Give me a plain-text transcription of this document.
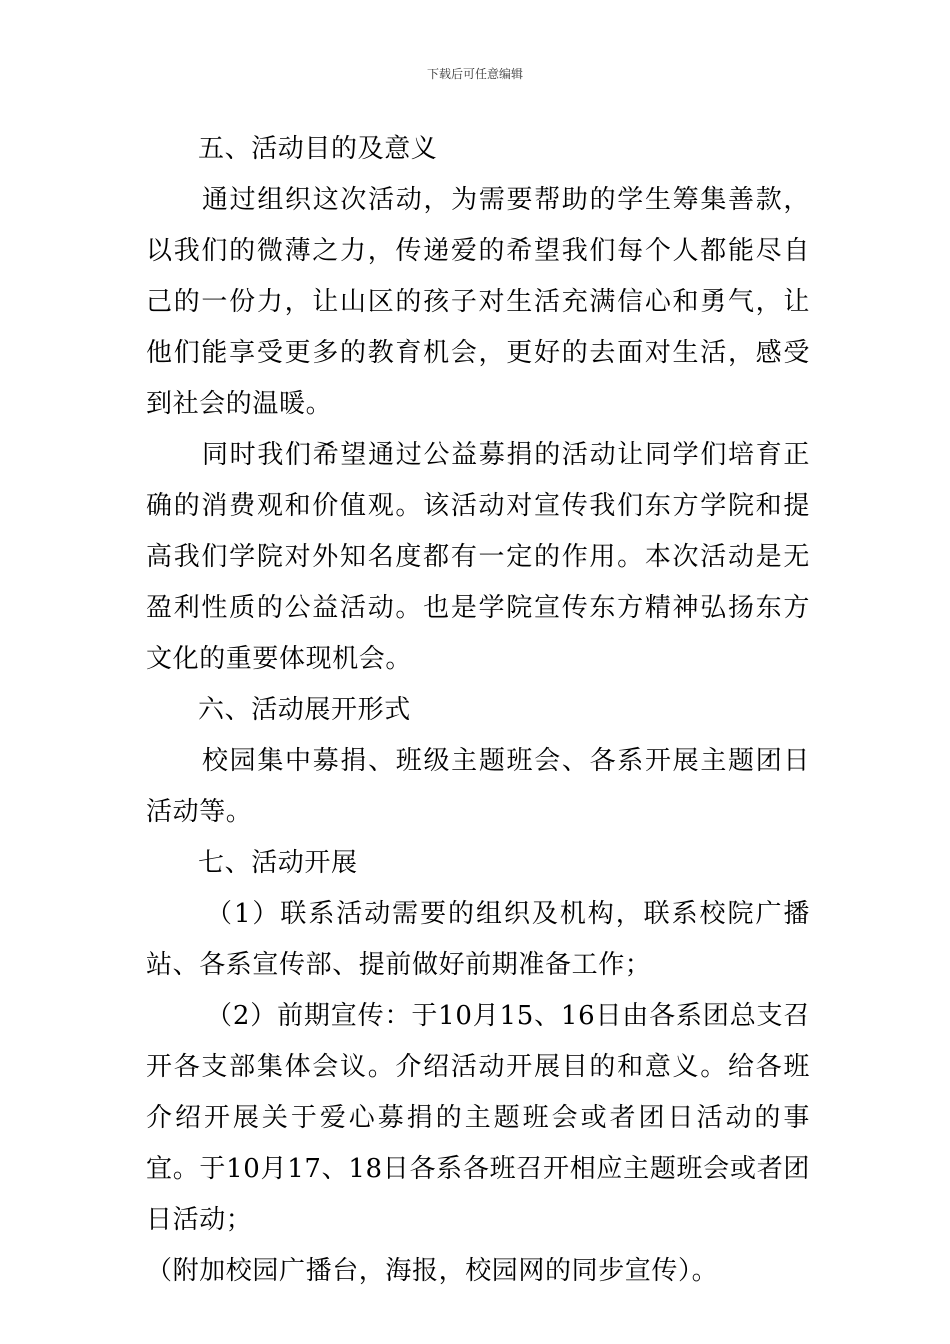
下载后可任意编辑

五、活动目的及意义

通过组织这次活动，为需要帮助的学生筹集善款，以我们的微薄之力，传递爱的希望我们每个人都能尽自己的一份力，让山区的孩子对生活充满信心和勇气，让他们能享受更多的教育机会，更好的去面对生活，感受到社会的温暖。

同时我们希望通过公益募捐的活动让同学们培育正确的消费观和价值观。该活动对宣传我们东方学院和提高我们学院对外知名度都有一定的作用。本次活动是无盈利性质的公益活动。也是学院宣传东方精神弘扬东方文化的重要体现机会。

六、活动展开形式

校园集中募捐、班级主题班会、各系开展主题团日活动等。

七、活动开展

（1）联系活动需要的组织及机构，联系校院广播站、各系宣传部、提前做好前期准备工作；

（2）前期宣传：于10月15、16日由各系团总支召开各支部集体会议。介绍活动开展目的和意义。给各班介绍开展关于爱心募捐的主题班会或者团日活动的事宜。于10月17、18日各系各班召开相应主题班会或者团日活动；

（附加校园广播台，海报，校园网的同步宣传）。
